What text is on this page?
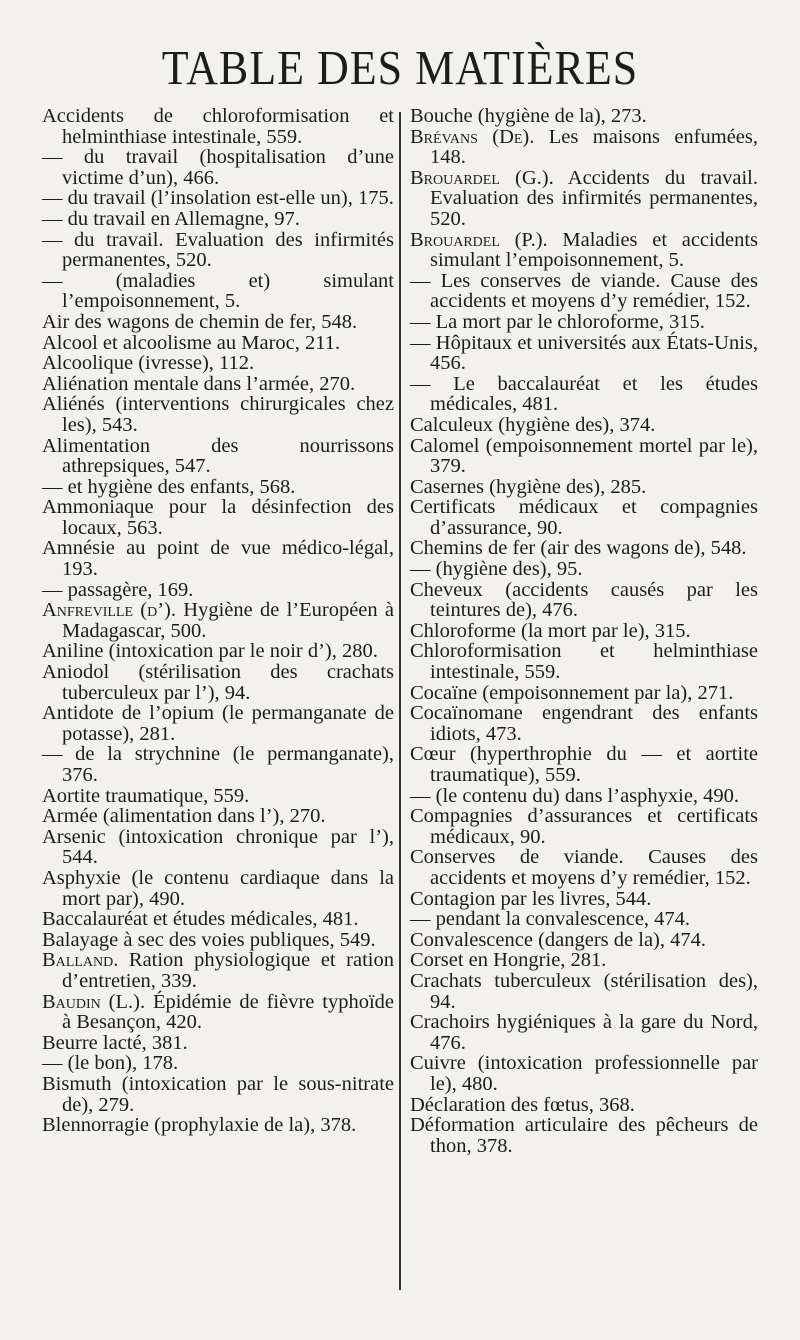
TABLE DES MATIÈRES

Accidents de chloroformisation et helminthiase intestinale, 559.

— du travail (hospitalisation d’une victime d’un), 466.

— du travail (l’insolation est-elle un), 175.

— du travail en Allemagne, 97.

— du travail. Evaluation des infirmités permanentes, 520.

— (maladies et) simulant l’empoisonnement, 5.

Air des wagons de chemin de fer, 548.

Alcool et alcoolisme au Maroc, 211.

Alcoolique (ivresse), 112.

Aliénation mentale dans l’armée, 270.

Aliénés (interventions chirurgicales chez les), 543.

Alimentation des nourrissons athrepsiques, 547.

— et hygiène des enfants, 568.

Ammoniaque pour la désinfection des locaux, 563.

Amnésie au point de vue médico-légal, 193.

— passagère, 169.

Anfreville (d’). Hygiène de l’Européen à Madagascar, 500.

Aniline (intoxication par le noir d’), 280.

Aniodol (stérilisation des crachats tuberculeux par l’), 94.

Antidote de l’opium (le permanganate de potasse), 281.

— de la strychnine (le permanganate), 376.

Aortite traumatique, 559.

Armée (alimentation dans l’), 270.

Arsenic (intoxication chronique par l’), 544.

Asphyxie (le contenu cardiaque dans la mort par), 490.

Baccalauréat et études médicales, 481.

Balayage à sec des voies publiques, 549.

Balland. Ration physiologique et ration d’entretien, 339.

Baudin (L.). Épidémie de fièvre typhoïde à Besançon, 420.

Beurre lacté, 381.

— (le bon), 178.

Bismuth (intoxication par le sous-nitrate de), 279.

Blennorragie (prophylaxie de la), 378.

Bouche (hygiène de la), 273.

Brévans (De). Les maisons enfumées, 148.

Brouardel (G.). Accidents du travail. Evaluation des infirmités permanentes, 520.

Brouardel (P.). Maladies et accidents simulant l’empoisonnement, 5.

— Les conserves de viande. Cause des accidents et moyens d’y remédier, 152.

— La mort par le chloroforme, 315.

— Hôpitaux et universités aux États-Unis, 456.

— Le baccalauréat et les études médicales, 481.

Calculeux (hygiène des), 374.

Calomel (empoisonnement mortel par le), 379.

Casernes (hygiène des), 285.

Certificats médicaux et compagnies d’assurance, 90.

Chemins de fer (air des wagons de), 548.

— (hygiène des), 95.

Cheveux (accidents causés par les teintures de), 476.

Chloroforme (la mort par le), 315.

Chloroformisation et helminthiase intestinale, 559.

Cocaïne (empoisonnement par la), 271.

Cocaïnomane engendrant des enfants idiots, 473.

Cœur (hyperthrophie du — et aortite traumatique), 559.

— (le contenu du) dans l’asphyxie, 490.

Compagnies d’assurances et certificats médicaux, 90.

Conserves de viande. Causes des accidents et moyens d’y remédier, 152.

Contagion par les livres, 544.

— pendant la convalescence, 474.

Convalescence (dangers de la), 474.

Corset en Hongrie, 281.

Crachats tuberculeux (stérilisation des), 94.

Crachoirs hygiéniques à la gare du Nord, 476.

Cuivre (intoxication professionnelle par le), 480.

Déclaration des fœtus, 368.

Déformation articulaire des pêcheurs de thon, 378.
